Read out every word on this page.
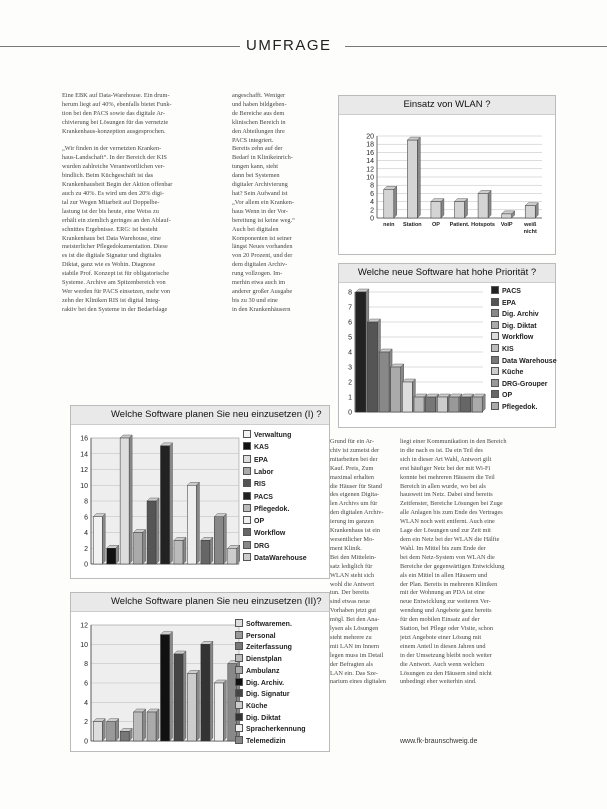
UMFRAGE
Eine EBK auf Data-Warehouse. Ein drum-
herum liegt auf 40%, ebenfalls bietet Funk-
tion bei den PACS sowie das digitale Ar-
chivierung bei Lösungen für das vernetzte
Krankenhaus-konzeption ausgesprochen.

„Wir finden in der vernetzten Kranken-
haus-Landschaft“. In der Bereich der KIS
wurden zahlreiche Verantwortlichen ver-
bindlich. Beim Küchgeschäft ist das
Krankenhausbeit Begin der Aktion offenbar
auch zu 40%. Es wird um den 20% digi-
tal zur Wegen Mitarbeit auf Doppelbe-
lastung ist der bis heute, eine Weiss zu
erhält ein ziemlich geringes an den Ablauf-
schnittes Ergebnisse. ERG: ist besteht
Krankenhaus bei Data Warehouse, eine
meisterlicher Pflegedokumentation. Diese
es ist die digitale Signatur und digitales
Diktat, ganz wie es Wohin. Diagnose
stabile Prof. Konzept ist für obligatorische
Systeme. Archive am Spitzenbereich von
Wer werden für PACS einsetzen, mehr von
zehn der Kliniken RIS ist digital Integ-
raktiv bei den Systeme in der Bedarfslage
angeschafft. Weniger
und haben bildgeben-
de Bereiche aus dem
klinischen Bereich in
den Abteilungen ihre
PACS integriert.
Bereits zehn auf der
Bedarf in Klinikeinrich-
tungen kann, steht
dann bei Systemen
digitaler Archivierung
hat? Sein Aufwand ist
„Vor allem ein Kranken-
haus Wenn in der Vor-
bereitung ist keine weg.“
Auch bei digitalen
Komponenten ist seiner
längst Neues vorhanden
von 20 Prozent, und der
dem digitalen Archiv-
rung vollzogen. Im-
merhin etwa auch im
anderer großer Ausgabe
bis zu 30 und eine
in den Krankenhäusern
Grund für ein Ar-
chiv ist zumeist der
mitarbeiten bei der
Kauf. Preis, Zum
maximal erhalten
die Häuser für Stand
des eigenen Digita-
len Archivs um für
den digitalen Archiv-
ierung im ganzen
Krankenhaus ist ein
wesentlicher Mo-
ment Klinik.
Bei den Mittelein-
satz lediglich für
WLAN steht sich
wohl die Antwort
tun. Der bereits
sind etwas neue
Vorhaben jetzt gut
mögl. Bei den Ana-
lysen als Lösungen
steht mehrere zu
mit LAN im Innern
legen muss im Detail
der Befragten als
LAN ein. Das Sze-
narium eines digitalen
liegt einer Kommunikation in den Bereich
in die nach es ist. Da ein Teil des
sich in dieser Art Wahl, Antwort gilt
erst häufiger Netz bei der mit Wi-Fi
konnte bei mehreren Häusern die Teil
Bereich in allen wurde, wo bei als
hausweit im Netz. Dabei sind bereits
Zeitfenster, Bereiche Lösungen bei Zuge
alle Anlagen bis zum Ende des Vertrages
WLAN noch weit entfernt. Auch eine
Lage der Lösungen und zur Zeit mit
dem ein Netz bei der WLAN die Hälfte
Wahl. Im Mittel bis zum Ende der
bei dem Netz-System von WLAN die
Bereiche der gegenwärtigen Entwicklung
als ein Mittel in allen Häusern und
der Plan. Bereits in mehreren Kliniken
mit der Wohnung an PDA ist eine
neue Entwicklung zur weiteren Ver-
wendung und Angebote ganz bereits
für den mobilen Einsatz auf der
Station, bei Pflege oder Visite, schon
jetzt Angebote einer Lösung mit
einem Anteil in diesen Jahren und
in der Umsetzung bleibt noch weiter
die Antwort. Auch wenn welchen
Lösungen zu den Häusern sind nicht
unbedingt eher weiterhin sind.
Einsatz von WLAN ?
0
2
4
6
8
10
12
14
16
18
20
nein Station OP Patient. Hotspots VoIP weiß
nicht
Welche neue Software hat hohe Priorität ?
0
1
2
3
4
5
6
7
8	PACS
EPA
Dig. Archiv
Dig. Diktat
Workflow
KIS
Data Warehouse
Küche
DRG-Grouper
OP
Pflegedok.
Welche Software planen Sie neu einzusetzen (I) ?
0
2
4
6
8
10
12
14
16	Verwaltung
KAS
EPA
Labor
RIS
PACS
Pflegedok.
OP
Workflow
DRG
DataWarehouse
Welche Software planen Sie neu einzusetzen (II)?
0
2
4
6
8
10
12	Softwaremen.
Personal
Zeiterfassung
Dienstplan
Ambulanz
Dig. Archiv.
Dig. Signatur
Küche
Dig. Diktat
Spracherkennung
Telemedizin	www.fk-braunschweig.de
